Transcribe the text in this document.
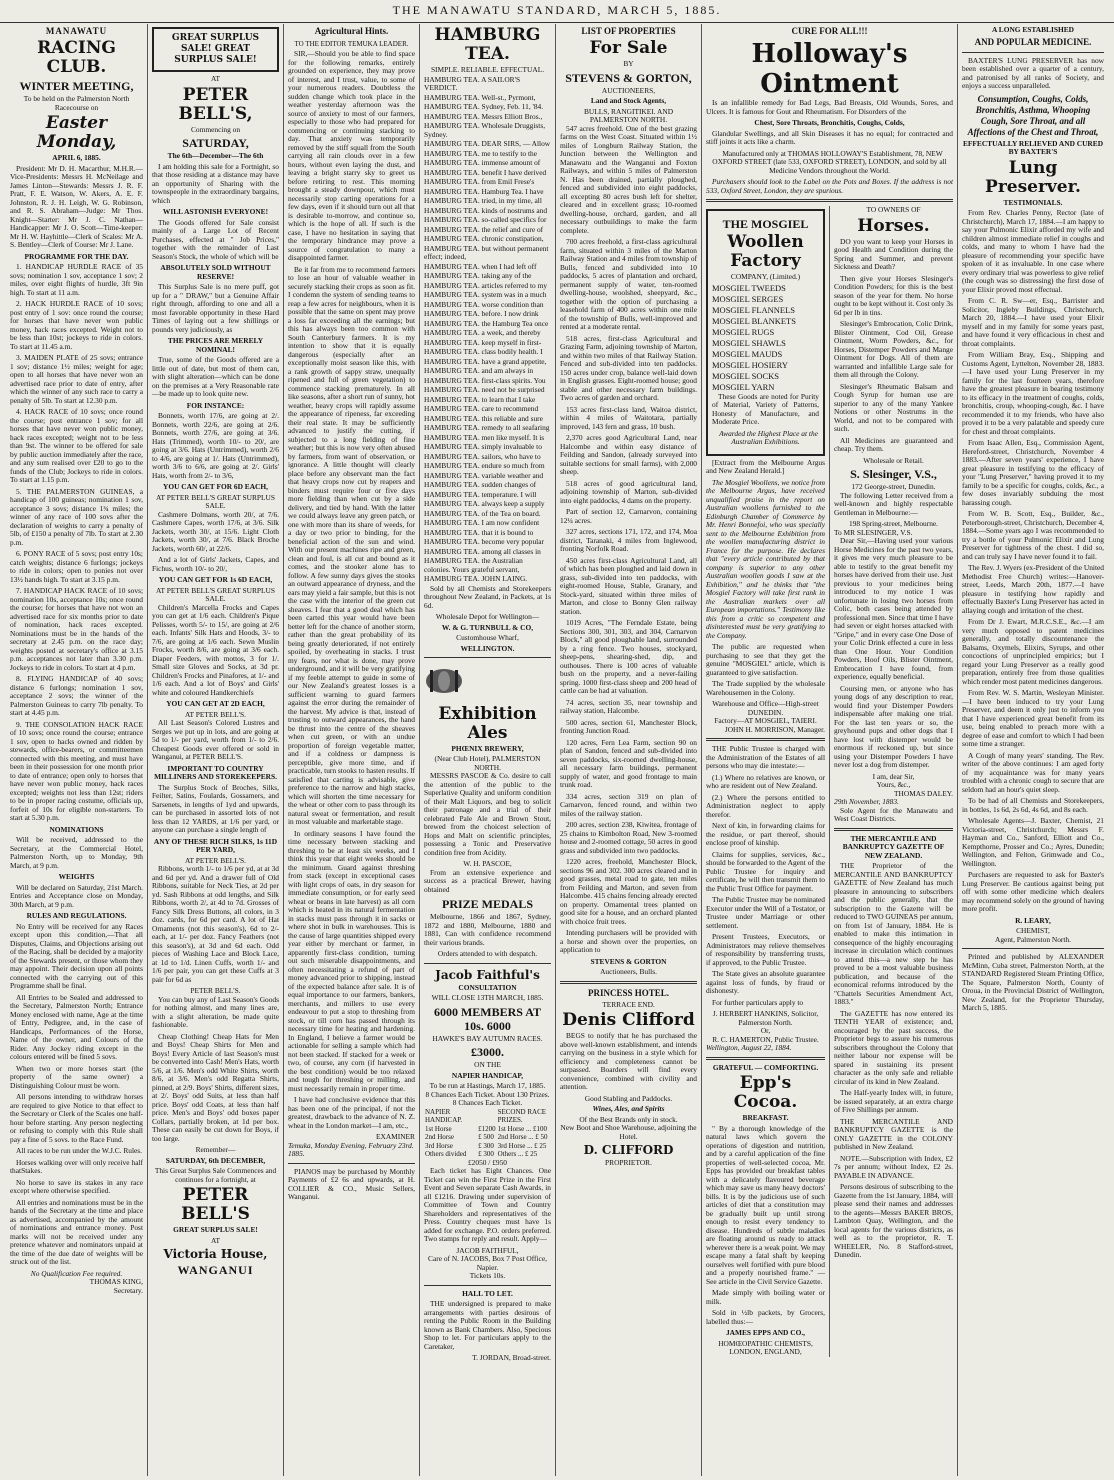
THE MANAWATU STANDARD, MARCH 5, 1885.
MANAWATU
RACING CLUB.
WINTER MEETING,
To be held on the Palmerston North Racecourse on
Easter Monday,
APRIL 6, 1885.
President: Mr D. H. Macarthur, M.H.R.—Vice-Presidents: Messrs H. McNeilage and James Linton—Stewards: Messrs J. R. F. Pratt, F. E. Watson, W. Akers, A. E. F. Johnston, R. J. H. Leigh, W. G. Robinson, and R. S. Abraham—Judge: Mr Thos. Knight—Starter: Mr J. C. Nathan—Handicapper: Mr J. O. Scott—Time-keeper: Mr H. W. Hayhittle—Clerk of Scales: Mr A. S. Bentley—Clerk of Course: Mr J. Lane.
PROGRAMME FOR THE DAY.
1. HANDICAP HURDLE RACE of 35 sovs; nomination 1 sov, acceptance 1 sov; 2 miles, over eight flights of hurdle, 3ft 9in high. To start at 11 a.m.
2. HACK HURDLE RACE of 10 sovs; post entry of 1 sov: once round the course; for horses that have never won public money, hack races excepted. Weight not to be less than 10st; jockeys to ride in colors. To start at 11.45 a.m.
3. MAIDEN PLATE of 25 sovs; entrance 1 sov; distance 1½ miles; weight for age; open to all horses that have never won an advertised race prior to date of entry, after which the winner of any such race to carry a penalty of 5lb. To start at 12.30 p.m.
4. HACK RACE of 10 sovs; once round the course; post entrance 1 sov; for all horses that have never won public money, hack races excepted; weight not to be less than 9st. The winner to be offered for sale by public auction immediately after the race, and any sum realised over £20 to go to the funds of the Club; Jockeys to ride in colors. To start at 1.15 p.m.
5. THE PALMERSTON GUINEAS, a handicap of 100 guineas; nomination 1 sov, acceptance 3 sovs; distance 1¾ miles; the winner of any race of 100 sovs after the declaration of weights to carry a penalty of 5lb, of £150 a penalty of 7lb. To start at 2.30 p.m.
6. PONY RACE of 5 sovs; post entry 10s; catch weights; distance 6 furlongs; jockeys to ride in colors; open to ponies not over 13½ hands high. To start at 3.15 p.m.
7. HANDICAP HACK RACE of 10 sovs; nomination 10s, acceptance 10s; once round the course; for horses that have not won an advertised race for six months prior to date of nomination, hack races excepted. Nominations must be in the hands of the secretary at 2.45 p.m. on the race day; weights posted at secretary's office at 3.15 p.m. acceptances not later than 3.30 p.m. Jockeys to ride in colors. To start at 4 p.m.
8. FLYING HANDICAP of 40 sovs; distance 6 furlongs; nomination 1 sov, acceptance 2 sovs; the winner of the Palmerston Guineas to carry 7lb penalty. To start at 4.45 p.m.
9. THE CONSOLATION HACK RACE of 10 sovs; once round the course; entrance 1 sov, open to hacks owned and ridden by stewards, office-bearers, or committeemen connected with this meeting, and must have been in their possession for one month prior to date of entrance; open only to horses that have never won public money, hack races excepted; weights not less than 12st; riders to be in proper racing costume, officials up, forfeit of 10s for eligible non-starters. To start at 5.30 p.m.
NOMINATIONS
Will be received, addressed to the Secretary, at the Commercial Hotel, Palmerston North, up to Monday, 9th March, at 9 p.m.
WEIGHTS
Will be declared on Saturday, 21st March. Entries and Acceptance close on Monday, 30th March, at 9 p.m.
RULES AND REGULATIONS.
No Entry will be received for any Races except upon this condition,—That all Disputes, Claims, and Objections arising out of the Racing, shall be decided by a majority of the Stewards present, or those whom they may appoint. Their decision upon all points connected with the carrying out of this Programme shall be final.
All Entries to be Sealed and addressed to the Secretary, Palmerston North; Entrance Money enclosed with name, Age at the time of Entry, Pedigree, and, in the case of Handicaps, Performances of the Horse, Name of the owner, and Colours of the Rider. Any Jockey riding except in the colours entered will be fined 5 sovs.
When two or more horses start (the property of the same owner) a Distinguishing Colour must be worn.
All persons intending to withdraw horses are required to give Notice to that effect to the Secretary or Clerk of the Scales one half-hour before starting. Any person neglecting or refusing to comply with this Rule shall pay a fine of 5 sovs. to the Race Fund.
All races to be run under the W.J.C. Rules.
Horses walking over will only receive half thatStakes.
No horse to save its stakes in any race except where otherwise specified.
All entries and nominations must be in the hands of the Secretary at the time and place as advertised, accompanied by the amount of nominations and entrance money. Post marks will not be received under any pretence whatever and nominators unpaid at the time of the due date of weights will be struck out of the list.
No Qualification Fee required.
THOMAS KING,
Secretary.
GREAT SURPLUS SALE! GREAT SURPLUS SALE!
AT
PETER BELL'S,
Commencing on
SATURDAY,
The 6th—December—The 6th
I am holding this sale for a Fortnight, so that those residing at a distance may have an opportunity of Sharing with the townspeople in the extraordinary bargains, which
WILL ASTONISH EVERYONE!
The Goods offered for Sale consist mainly of a Large Lot of Recent Purchases, effected at " Job Prices," together with the remainder of Last Season's Stock, the whole of which will be
ABSOLUTELY SOLD WITHOUT RESERVE!
This Surplus Sale is no mere puff, got up for a " DRAW," but a Genuine Affair right through, affording to one and all a most favorable opportunity in these Hard Times of laying out a few shillings or pounds very judiciously, as
THE PRICES ARE MERELY NOMINAL!
True, some of the Goods offered are a little out of date, but most of them can, with slight alteration—which can be done on the premises at a Very Reasonable rate—be made up to look quite new.
FOR INSTANCE:
Bonnets, worth 17/6, are going at 2/. Bonnets, worth 22/6, are going at 2/6. Bonnets, worth 27/6, are going at 3/6. Hats (Trimmed), worth 10/- to 20/, are going at 3/6. Hats (Untrimmed), worth 2/6 to 4/6, are going at 1/. Hats (Untrimmed), worth 3/6 to 6/6, are going at 2/. Girls' Hats, worth from 2/- to 3/6,
YOU CAN GET FOR 6D EACH,
AT PETER BELL'S GREAT SURPLUS SALE.
Cashmere Dolmans, worth 20/, at 7/6. Cashmere Capes, worth 17/6, at 3/6. Silk Jackets, worth 30/, at 15/6. Light Cloth Jackets, worth 30/, at 7/6. Black Broche Jackets, worth 60/, at 22/6.
And a lot of Girls' Jackets, Capes, and Fichus, worth 10/- to 20/,
YOU CAN GET FOR 1s 6D EACH,
AT PETER BELL'S GREAT SURPLUS SALE.
Children's Marcella Frocks and Capes you can get at 1/6 each. Children's Pique Pelisses, worth 5/- to 15/, are going at 2/6 each. Infants' Silk Hats and Hoods, 3/- to 7/6, are going at 1/6 each. Sewn Muslin Frocks, worth 8/6, are going at 3/6 each. Diaper Feeders, with mottos, 3 for 1/. Small size Gloves and Socks, at 3d pr. Children's Frocks and Pinafores, at 1/- and 1/6 each. And a lot of Boys' and Girls' white and coloured Handkerchiefs
YOU CAN GET AT 2D EACH,
AT PETER BELL'S.
All Last Season's Colored Lustres and Serges we put up in lots, and are going at 5d to 1/- per yard, worth from 1/- to 2/6. Cheapest Goods ever offered or sold in Wanganui, at PETER BELL'S.
IMPORTANT TO COUNTRY MILLINERS AND STOREKEEPERS.
The Surplus Stock of Broches, Silks, Feilter, Satins, Foulards, Gossamers, and Sarsenets, in lengths of 1yd and upwards, can be purchased in assorted lots of not less than 12 YARDS, at 1/6 per yard, or anyone can purchase a single length of
ANY OF THESE RICH SILKS, 1s 11D PER YARD,
AT PETER BELL'S.
Ribbons, worth 1/- to 1/6 per yd, at at 3d and 6d per yd. And a drawer full of Old Ribbons, suitable for Neck Ties, at 2d per yd. Sash Ribbons at odd lengths, and Silk Ribbons, worth 2/, at 4d to 7d. Grosses of Fancy Silk Dress Buttons, all colors, in 3 doz. cards, for 6d per card. A lot of Hat Ornaments (not this season's), 6d to 2/- each, at 1/- per doz. Fancy Feathers (not this season's), at 3d and 6d each. Odd pieces of Washing Lace and Block Lace, at 1d to 1/d. Linen Cuffs, worth 1/- and 1/6 per pair, you can get these Cuffs at 3 pair for 6d as
PETER BELL'S.
You can buy any of Last Season's Goods for nothing almost, and many lines are, with a slight alteration, be made quite fashionable.
Cheap Clothing! Cheap Hats for Men and Boys! Cheap Shirts for Men and Boys! Every Article of last Season's must be converted into Cash! Men's Hats, worth 5/6, at 1/6. Men's odd White Shirts, worth 8/6, at 3/6. Men's odd Regatta Shirts, pinned, at 2/9. Boys' Shirts, different sizes, at 2/. Boys' odd Suits, at less than half price. Boys' odd Coats, at less than half price. Men's and Boys' odd boxes paper Collars, partially broken, at 1d per box. These can easily be cut down for Boys, if too large.
Remember—
SATURDAY, 6th DECEMBER,
This Great Surplus Sale Commences and continues for a fortnight, at
PETER BELL'S
GREAT SURPLUS SALE!
AT
Victoria House,
WANGANUI
Agricultural Hints.
TO THE EDITOR TEMUKA LEADER.
SIR,—Should you be able to find space for the following remarks, entirely grounded on experience, they may prove of interest, and I trust, value, to some of your numerous readers. Doubtless the sudden change which took place in the weather yesterday afternoon was the source of anxiety to most of our farmers, especially to those who had prepared for commencing or continuing stacking to day. That anxiety was temporarily removed by the stiff squall from the South carrying all rain clouds over in a few hours, without even laying the dust, and leaving a bright starry sky to greet us before retiring to rest. This morning brought a steady downpour, which must necessarily stop carting operations for a few days, even if it should turn out all that is desirable to-morrow, and continue so, which is the hope of all. If such is the case, I have no hesitation in saying that the temporary hindrance may prove a source of congratulation to many a disappointed farmer.
Be it far from me to recommend farmers to lose an hour of valuable weather in securely stacking their crops as soon as fit. I condemn the system of sending teams to reap a few acres for neighbours, when it is possible that the same on spent may prove a loss far exceeding all the earnings; but this has always been too common with South Canterbury farmers. It is my intention to show that it is equally dangerous (especially after an exceptionally moist season like this, with a rank growth of sappy straw, unequally ripened and full of green vegetation) to commence stacking prematurely. In all like seasons, after a short run of sunny, hot weather, heavy crops will rapidly assume the appearance of ripeness, far exceeding their real state. It may be sufficiently advanced to justify the cutting, if subjected to a long fielding of fine weather; but this is now very often abused by farmers, from want of observation, or ignorance. A little thought will clearly place before any observant man the fact that heavy crops now cut by reapers and binders must require four or five days more fielding than when cut by a side delivery, and tied by hand. With the latter we could always leave any green patch, or one with more than its share of weeds, for a day or two prior to binding, for the beneficial action of the sun and wind. With our present machines ripe and green, clean and foul, is all cut and bound as it comes, and the stooker alone has to follow. A few sunny days gives the stooks an outward appearance of dryness, and the ears may yield a fair sample, but this is not the case with the interior of the green cut sheaves. I fear that a good deal which has been carted this year would have been better left for the chance of another storm, rather than the great probability of its being greatly deteriorated, if not entirely spoiled, by overheating in stacks. I trust my fears, nor what is done, may prove underground, and it will be very gratifying if my feeble attempt to guide in some of our New Zealand's greatest losses is a sufficient warning to guard farmers against the error during the remainder of the harvest. My advice is that, instead of trusting to outward appearances, the hand be thrust into the centre of the sheaves when cut green, or with an undue proportion of foreign vegetable matter, and if a coldness or dampness is perceptible, give more time, and if practicable, turn stooks to hasten results. If satisfied that carting is advisable, give preference to the narrow and high stacks, which will shorten the time necessary for the wheat or other corn to pass through its natural sweat or fermentation, and result in most valuable and marketable stage.
In ordinary seasons I have found the time necessary between stacking and threshing to be at least six weeks, and I think this year that eight weeks should be the minimum. Guard against threshing from stack (except in exceptional cases with light crops of oats, in dry season for immediate consumption, or for early seed wheat or beans in late harvest) as all corn which is heated in its natural fermentation in stacks must pass through it in sacks or where shot in bulk in warehouses. This is the cause of large quantities shipped every year either by merchant or farmer, in apparently first-class condition, turning out such miserable disappointments, and often necessitating a refund of part of money advanced prior to shipping, instead of the expected balance after sale. It is of equal importance to our farmers, bankers, merchants, and millers to use every endeavour to put a stop to threshing from stock, or till corn has passed through its necessary time for heating and hardening. In England, I believe a farmer would be actionable for selling a sample which had not been stacked. If stacked for a week or two, of course, any corn (if harvested in the best condition) would be too relaxed and tough for threshing or milling, and must necessarily remain in proper time.
I have had conclusive evidence that this has been one of the principal, if not the greatest, drawback to the advance of N. Z. wheat in the London market—I am, etc.,
EXAMINER
Temuka, Monday Evening, February 23rd. 1885.
PIANOS may be purchased by Monthly Payments of £2 6s and upwards, at H. COLLIER & CO., Music Sellers, Wanganui.
HAMBURG TEA.
SIMPLE. RELIABLE. EFFECTUAL.
HAMBURG TEA. A SAILOR'S VERDICT.
HAMBURG TEA. Well-st., Pyrmont,
HAMBURG TEA. Sydney, Feb. 11, '84.
HAMBURG TEA. Messrs Elliott Bros.,
HAMBURG TEA. Wholesale Druggists, Sydney.
HAMBURG TEA. DEAR SIRS, — Allow
HAMBURG TEA. me to testify to the
HAMBURG TEA. immense amount of
HAMBURG TEA. benefit I have derived
HAMBURG TEA. from Emil Frese's
HAMBURG TEA. Hamburg Tea. I have
HAMBURG TEA. tried, in my time, all
HAMBURG TEA. kinds of nostrums and
HAMBURG TEA. so-called specifics for
HAMBURG TEA. the relief and cure of
HAMBURG TEA. chronic constipation,
HAMBURG TEA. but without permanent effect; indeed,
HAMBURG TEA. when I had left off
HAMBURG TEA. taking any of the
HAMBURG TEA. articles referred to my
HAMBURG TEA. system was in a much
HAMBURG TEA. worse condition than
HAMBURG TEA. before. I now drink
HAMBURG TEA. the Hamburg Tea once
HAMBURG TEA. a week, and thereby
HAMBURG TEA. keep myself in first-
HAMBURG TEA. class bodily health. I
HAMBURG TEA. have a grand appetite,
HAMBURG TEA. and am always in
HAMBURG TEA. first-class spirits. You
HAMBURG TEA. need not be surprised
HAMBURG TEA. to learn that I take
HAMBURG TEA. care to recommend
HAMBURG TEA. this reliable and sure
HAMBURG TEA. remedy to all seafaring
HAMBURG TEA. men like myself. It is
HAMBURG TEA. simply invaluable to
HAMBURG TEA. sailors, who have to
HAMBURG TEA. endure so much from
HAMBURG TEA. variable weather and
HAMBURG TEA. sudden changes of
HAMBURG TEA. temperature. I will
HAMBURG TEA. always keep a supply
HAMBURG TEA. of the Tea on board.
HAMBURG TEA. I am now confident
HAMBURG TEA. that it is bound to
HAMBURG TEA. become very popular
HAMBURG TEA. among all classes in
HAMBURG TEA. the Australian colonies. Yours grateful servant,
HAMBURG TEA. JOHN LAING.
Sold by all Chemists and Storekeepers throughout New Zealand, in Packets, at 1s 6d.
Wholesale Depot for Wellington—
W. & G. TURNBULL & CO,
Customhouse Wharf,
WELLINGTON.
Exhibition Ales
PHŒNIX BREWERY,
(Near Club Hotel), PALMERSTON NORTH.
MESSRS PASCOE & Co. desire to call the attention of the public to the Superlative Quality and uniform condition of their Malt Liquors, and beg to solicit their patronage and a trial of their celebrated Pale Ale and Brown Stout, brewed from the choicest selection of Hops and Malt on scientific principles, possessing a Tonic and Preservative condition free from Acidity.
W. H. PASCOE,
From an extensive experience and success as a practical Brewer, having obtained
PRIZE MEDALS
Melbourne, 1866 and 1867, Sydney, 1872 and 1880, Melbourne, 1880 and 1881, Can with confidence recommend their various brands.
Orders attended to with despatch.
Jacob Faithful's
CONSULTATION
WILL CLOSE 13TH MARCH, 1885.
6000 MEMBERS AT 10s. 6000
HAWKE'S BAY AUTUMN RACES.
£3000.
ON THE
NAPIER HANDICAP,
To be run at Hastings, March 17, 1885.
8 Chances Each Ticket. About 130 Prizes. 8 Chances Each Ticket.
NAPIER HANDICAP.		SECOND RACE PRIZES.
1st Horse	£1200	1st Horse ... £100
2nd Horse	£ 500	2nd Horse ... £ 50
3rd Horse	£ 300	3rd Horse ... £ 25
Others divided	£ 300	Others ... £ 25
£2050 / £950
Each ticket has Eight Chances. One Ticket can win the First Prize in the First Event and Seven separate Cash Awards, in all £1216. Drawing under supervision of Committee of Town and Country Shareholders and representatives of the Press. Country cheques must have 1s added for exchange. P.O. orders preferred. Two stamps for reply and result. Apply—
JACOB FAITHFUL,
Care of N. JACOBS, Box 7 Post Office, Napier.
Tickets 10s.
HALL TO LET.
THE undersigned is prepared to make arrangements with parties desirous of renting the Public Room in the Building known as Bank Chambers. Also, Specious Shop to let. For particulars apply to the Caretaker,
T. JORDAN, Broad-street.
LIST OF PROPERTIES
For Sale
BY
STEVENS & GORTON,
AUCTIONEERS,
Land and Stock Agents,
BULLS, RANGITIKEI. AND PALMERSTON NORTH.
547 acres freehold. One of the best grazing farms on the West Coast. Situated within 1½ miles of Longburn Railway Station, the Junction between the Wellington and Manawatu and the Wanganui and Foxton Railways, and within 5 miles of Palmerston N. Has been drained, partially ploughed, fenced and subdivided into eight paddocks, all excepting 80 acres bush left for shelter, cleared and in excellent grass; 10-roomed dwelling-house, orchard, garden, and all necessary outbuildings to make the farm complete.
700 acres freehold, a first-class agricultural farm, situated within 3 miles of the Marton Railway Station and 4 miles from township of Bulls, fenced and subdivided into 10 paddocks, 5 acres of plantation and orchard, permanent supply of water, ten-roomed dwelling-house, woolshed, sheepyard, &c., together with the option of purchasing a leasehold farm of 400 acres within one mile of the township of Bulls, well-improved and rented at a moderate rental.
518 acres, first-class Agricultural and Grazing Farm, adjoining township of Marton, and within two miles of that Railway Station. Fenced and sub-divided into ten paddocks. 150 acres under crop, balance well-laid down in English grasses. Eight-roomed house; good stable and other necessary farm buildings. Two acres of garden and orchard.
153 acres first-class land, Waitoa district, within 4 miles of Waitotara, partially improved, 143 fern and grass, 10 bush.
2,370 acres good Agricultural Land, near Halcombe and within easy distance of Feilding and Sandon, (already surveyed into suitable sections for small farms), with 2,000 sheep.
518 acres of good agricultural land, adjoining township of Marton, sub-divided into eight paddocks, 4 dams on the property.
Part of section 12, Carnarvon, containing 12¼ acres.
327 acres, sections 171, 172, and 174, Moa district, Taranaki, 4 miles from Inglewood, fronting Norfolk Road.
450 acres first-class Agricultural Land, all of which has been ploughed and laid down in grass, sub-divided into ten paddocks, with eight-roomed House, Stable, Granary, and Stock-yard, situated within three miles of Marton, and close to Bonny Glen railway station.
1019 Acres, "The Ferndale Estate, being Sections 300, 301, 303, and 304, Carnarvon Block," all good ploughable land, surrounded by a ring fence. Two houses, stockyard, sheep-pens, shearing-shed, dip, and outhouses. There is 100 acres of valuable bush on the property, and a never-failing spring. 1000 first-class sheep and 200 head of cattle can be had at valuation.
74 acres, section 35, near township and railway station, Halcombe.
500 acres, section 61, Manchester Block, fronting Junction Road.
120 acres, Fern Lea Farm, section 90 on plan of Sandon, fenced and sub-divided into seven paddocks, six-roomed dwelling-house, all necessary farm buildings, permanent supply of water, and good frontage to main trunk road.
334 acres, section 319 on plan of Carnarvon, fenced round, and within two miles of the railway station.
200 acres, section 238, Kiwitea, frontage of 25 chains to Kimbolton Road, New 3-roomed house and 2-roomed cottage, 50 acres in good grass and subdivided into two paddocks.
1220 acres, freehold, Manchester Block, sections 96 and 302. 300 acres cleared and in good grasses, metal road to gate, ten miles from Feilding and Marton, and seven from Halcombe. 415 chains fencing already erected on property. Ornamental trees planted on good site for a house, and an orchard planted with choice fruit trees.
Intending purchasers will be provided with a horse and shown over the properties, on application to
STEVENS & GORTON
Auctioneers, Bulls.
PRINCESS HOTEL.
TERRACE END.
Denis Clifford
BEGS to notify that he has purchased the above well-known establishment, and intends carrying on the business in a style which for efficiency and completeness cannot be surpassed. Boarders will find every convenience, combined with civility and attention.
Good Stabling and Paddocks.
Wines, Ales, and Spirits
Of the Best Brands only in stock.
New Boot and Shoe Warehouse, adjoining the Hotel.
D. CLIFFORD
PROPRIETOR.
CURE FOR ALL!!!
Holloway's Ointment
Is an infallible remedy for Bad Legs, Bad Breasts, Old Wounds, Sores, and Ulcers. It is famous for Gout and Rheumatism. For Disorders of the
Chest, Sore Throats, Bronchitis, Coughs, Colds,
Glandular Swellings, and all Skin Diseases it has no equal; for contracted and stiff joints it acts like a charm.
Manufactured only at THOMAS HOLLOWAY'S Establishment, 78, NEW OXFORD STREET (late 533, OXFORD STREET), LONDON, and sold by all Medicine Vendors throughout the World.
Purchasers should look to the Label on the Pots and Boxes. If the address is not 533, Oxford Street, London, they are spurious.
THE MOSGIEL
Woollen Factory
COMPANY, (Limited.)
MOSGIEL TWEEDS
MOSGIEL SERGES
MOSGIEL FLANNELS
MOSGIEL BLANKETS
MOSGIEL RUGS
MOSGIEL SHAWLS
MOSGIEL MAUDS
MOSGIEL HOSIERY
MOSGIEL SOCKS
MOSGIEL YARN
These Goods are noted for Purity of Material, Variety of Patterns, Honesty of Manufacture, and Moderate Price.
Awarded the Highest Place at the Australian Exhibitions.
[Extract from the Melbourne Argus and New Zealand Herald.]
The Mosgiel Woollens, we notice from the Melbourne Argus, have received unqualified praise in the report on Australian woollens furnished to the Edinburgh Chamber of Commerce by Mr. Henri Bonnefoi, who was specially sent to the Melbourne Exhibition from the woollen manufacturing district in France for the purpose. He declares that "every article contributed by that company is superior to any other Australian woollen goods I saw at the Exhibition," and he thinks that "the Mosgiel Factory will take first rank in the Australian markets over all European importations." Testimony like this from a critic so competent and disinterested must be very gratifying to the Company.
The public are requested when purchasing to see that they get the genuine "MOSGIEL" article, which is guaranteed to give satisfaction.
The Trade supplied by the wholesale Warehousemen in the Colony.
Warehouse and Office—High-street DUNEDIN.
Factory—AT MOSGIEL, TAIERI.
JOHN H. MORRISON, Manager.
THE Public Trustee is charged with the Administration of the Estates of all persons who may die intestate:—
(1.) Where no relatives are known, or who are resident out of New Zealand.
(2.) Where the persons entitled to Administration neglect to apply therefor.
Next of kin, in forwarding claims for the residue, or part thereof, should enclose proof of kinship.
Claims for supplies, services, &c., should be forwarded to the Agent of the Public Trustee for inquiry and certificate, he will then transmit them to the Public Trust Office for payment.
The Public Trustee may be nominated Executor under the Will of a Testator, or Trustee under Marriage or other settlement.
Present Trustees, Executors, or Administrators may relieve themselves of responsibility by transferring trusts, if approved, to the Public Trustee.
The State gives an absolute guarantee against loss of funds, by fraud or dishonesty.
For further particulars apply to
J. HERBERT HANKINS, Solicitor, Palmerston North.
Or,
R. C. HAMERTON, Public Trustee.
Wellington, August 22, 1884.
GRATEFUL — COMFORTING.
Epp's Cocoa.
BREAKFAST.
" By a thorough knowledge of the natural laws which govern the operations of digestion and nutrition, and by a careful application of the fine properties of well-selected cocoa, Mr. Epps has provided our breakfast tables with a delicately flavoured beverage which may save us many heavy doctors' bills. It is by the judicious use of such articles of diet that a constitution may be gradually built up until strong enough to resist every tendency to disease. Hundreds of subtle maladies are floating around us ready to attack wherever there is a weak point. We may escape many a fatal shaft by keeping ourselves well fortified with pure blood and a properly nourished frame." — See article in the Civil Service Gazette.
Made simply with boiling water or milk.
Sold in ½lb packets, by Grocers, labelled thus:—
JAMES EPPS AND CO.,
HOMŒOPATHIC CHEMISTS,
LONDON, ENGLAND,
TO OWNERS OF
Horses.
DO you want to keep your Horses in good Health and Condition during the Spring and Summer, and prevent Sickness and Death?
Then give your Horses Slesinger's Condition Powders; for this is the best season of the year for them. No horse ought to be kept without it. Cost only 3s 6d per lb in tins.
Slesinger's Embrocation, Colic Drink, Blister Ointment, Cod Oil, Grease Ointment, Worm Powders, &c., for Horses, Distemper Powders and Mange Ointment for Dogs. All of them are warranted and infallible Large sale for them all through the Colony.
Slesinger's Rheumatic Balsam and Cough Syrup for human use are superior to any of the many Yankee Notions or other Nostrums in the World, and not to be compared with such.
All Medicines are guaranteed and cheap. Try them.
Wholesale or Retail.
S. Slesinger, V.S.,
172 George-street, Dunedin.
The following Letter received from a well-known and highly respectable Gentleman in Melbourne:—
198 Spring-street, Melbourne.
To MR SLESINGER, V.S.
Dear Sir,—Having used your various Horse Medicines for the past two years, it gives me very much pleasure to be able to testify to the great benefit my horses have derived from their use. Just previous to your medicines being introduced to my notice I was unfortunate in losing two horses from Colic, both cases being attended by professional men. Since that time I have had seven or eight horses attacked with "Gripe," and in every case One Dose of your Colic Drink effected a cure in less than One Hour. Your Condition Powders, Hoof Oils, Blister Ointment, Embrocation I have found, from experience, equally beneficial.
Coursing men, or anyone who has young dogs of any description to rear, would find your Distemper Powders indispensable after making one trial. For the last ten years or so, the greyhound pups and other dogs that I have lost with distemper would be enormous if reckoned up, but since using your Distemper Powders I have never lost a dog from distemper.
I am, dear Sir,
Yours, &c.,
THOMAS DALEY.
29th November, 1883.
Sole Agent for the Manawatu and West Coast Districts.
THE MERCANTILE AND BANKRUPTCY GAZETTE OF NEW ZEALAND.
THE Proprietor of the MERCANTILE AND BANKRUPTCY GAZETTE of New Zealand has much pleasure in announcing to subscribers and the public generally, that the subscription to the Gazette will be reduced to TWO GUINEAS per annum, on from 1st of January, 1884. He is enabled to make this intimation in consequence of the highly encouraging increase in circulation which continues to attend this—a new step he has proved to be a most valuable business publication, and because of the economical reforms introduced by the "Chattels Securities Amendment Act, 1883."
The GAZETTE has now entered its TENTH YEAR of existence; and, encouraged by the past success, the Proprietor begs to assure his numerous subscribers throughout the Colony that neither labour nor expense will be spared in sustaining its present character as the only safe and reliable circular of its kind in New Zealand.
The Half-yearly Index will, in future, be issued separately, at an extra charge of Five Shillings per annum.
THE MERCANTILE AND BANKRUPTCY GAZETTE is the ONLY GAZETTE in the COLONY published in New Zealand.
NOTE.—Subscription with Index, £2 7s per annum; without Index, £2 2s. PAYABLE IN ADVANCE.
Persons desirous of subscribing to the Gazette from the 1st January, 1884, will please send their names and addresses to the agents—Messrs BAKER BROS, Lambton Quay, Wellington, and the local agents for the various districts, as well as to the proprietor, R. T. WHEELER, No. 8 Stafford-street, Dunedin.
A LONG ESTABLISHED
AND POPULAR MEDICINE.
BAXTER'S LUNG PRESERVER has now been established over a quarter of a century, and patronised by all ranks of Society, and enjoys a success unparalleled.
Consumption, Coughs, Colds, Bronchitis, Asthma, Whooping Cough, Sore Throat, and all Affections of the Chest and Throat,
EFFECTUALLY RELIEVED AND CURED BY BAXTER'S
Lung Preserver.
TESTIMONIALS.
From Rev. Charles Penny, Rector (late of Christchurch), March 17, 1884.—I am happy to say your Pulmonic Elixir afforded my wife and children almost immediate relief in coughs and colds, and many to whom I have had the pleasure of recommending your specific have spoken of it as invaluable. In one case where every ordinary trial was powerless to give relief (the cough was so distressing) the first dose of your Elixir proved most effectual.
From C. R. Sw—er, Esq., Barrister and Solicitor, Ingleby Buildings, Christchurch, March 20, 1884.—I have used your Elixir myself and in my family for some years past, and have found it very efficacious in chest and throat complaints.
From William Bray, Esq., Shipping and Customs Agent, Lyttelton, November 28, 1883.—I have used your Lung Preserver in my family for the last fourteen years, therefore have the greatest pleasure in bearing testimony to its efficacy in the treatment of coughs, colds, bronchitis, croup, whooping-cough, &c. I have recommended it to my friends, who have also proved it to be a very palatable and speedy cure for chest and throat complaints.
From Isaac Allen, Esq., Commission Agent, Hereford-street, Christchurch, November 4 1883.—After seven years' experience, I have great pleasure in testifying to the efficacy of your "Lung Preserver," having proved it to my family to be a specific for coughs, colds, &c., a few doses invariably subduing the most harassing cough.
From W. B. Scott, Esq., Builder, &c., Peterborough-street, Christchurch, December 4, 1884.—Some years ago I was recommended to try a bottle of your Pulmonic Elixir and Lung Preserver for tightness of the chest. I did so, and can truly say I have never found it to fail.
The Rev. J. Wyers (ex-President of the United Methodist Free Church) writes:—Hanover-street, Leeds, March 20th, 1877.—I have pleasure in testifying how rapidly and effectually Baxter's Lung Preserver has acted in allaying cough and irritation of the chest.
From Dr J. Ewart, M.R.C.S.E., &c.—I am very much opposed to patent medicines generally, and totally discountenance the Balsams, Oxymels, Elixirs, Syrups, and other concoctions of unprincipled empirics; but I regard your Lung Preserver as a really good preparation, entirely free from those qualities which render most patent medicines dangerous.
From Rev. W. S. Martin, Wesleyan Minister.—I have been induced to try your Lung Preserver, and deem it only just to inform you that I have experienced great benefit from its use, being enabled to preach more with a degree of ease and comfort to which I had been some time a stranger.
A Cough of many years' standing. The Rev. writer of the above continues: I am aged forty of my acquaintance was for many years troubled with a chronic cough to secure that are seldom had an hour's quiet sleep.
To be had of all Chemists and Storekeepers, in bottles, 1s 6d, 2s 6d, 4s 6d, and 8s each.
Wholesale Agents—J. Baxter, Chemist, 21 Victoria-street, Christchurch; Messrs F. Hayman and Co., Sanford, Elliott and Co., Kempthorne, Prosser and Co.; Ayres, Dunedin; Wellington, and Felton, Grimwade and Co., Wellington.
Purchasers are requested to ask for Baxter's Lung Preserver. Be cautious against being put off with some other medicine which dealers may recommend solely on the ground of having more profit.
R. LEARY,
CHEMIST,
Agent, Palmerston North.
Printed and published by ALEXANDER McMinn, Cuba street, Palmerston North, at the STANDARD Registered Steam Printing Office, The Square, Palmerston North, County of Oroua, in the Provincial District of Wellington, New Zealand, for the Proprietor Thursday, March 5, 1885.
